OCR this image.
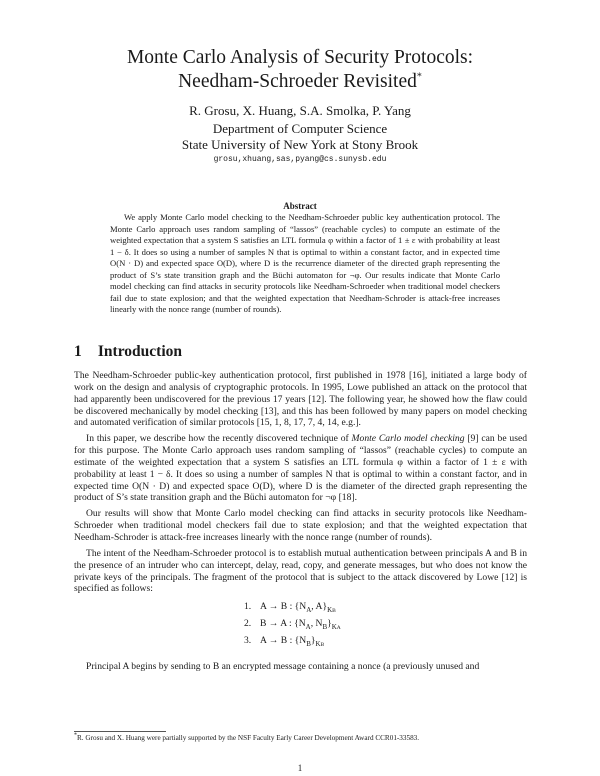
Monte Carlo Analysis of Security Protocols:
Needham-Schroeder Revisited*
R. Grosu, X. Huang, S.A. Smolka, P. Yang
Department of Computer Science
State University of New York at Stony Brook
grosu,xhuang,sas,pyang@cs.sunysb.edu
Abstract
We apply Monte Carlo model checking to the Needham-Schroeder public key authentication protocol. The Monte Carlo approach uses random sampling of “lassos” (reachable cycles) to compute an estimate of the weighted expectation that a system S satisfies an LTL formula φ within a factor of 1 ± ε with probability at least 1 − δ. It does so using a number of samples N that is optimal to within a constant factor, and in expected time O(N · D) and expected space O(D), where D is the recurrence diameter of the directed graph representing the product of S’s state transition graph and the Büchi automaton for ¬φ. Our results indicate that Monte Carlo model checking can find attacks in security protocols like Needham-Schroeder when traditional model checkers fail due to state explosion; and that the weighted expectation that Needham-Schroder is attack-free increases linearly with the nonce range (number of rounds).
1 Introduction

The Needham-Schroeder public-key authentication protocol, first published in 1978 [16], initiated a large body of work on the design and analysis of cryptographic protocols. In 1995, Lowe published an attack on the protocol that had apparently been undiscovered for the previous 17 years [12]. The following year, he showed how the flaw could be discovered mechanically by model checking [13], and this has been followed by many papers on model checking and automated verification of similar protocols [15, 1, 8, 17, 7, 4, 14, e.g.].

In this paper, we describe how the recently discovered technique of Monte Carlo model checking [9] can be used for this purpose. The Monte Carlo approach uses random sampling of “lassos” (reachable cycles) to compute an estimate of the weighted expectation that a system S satisfies an LTL formula φ within a factor of 1 ± ε with probability at least 1 − δ. It does so using a number of samples N that is optimal to within a constant factor, and in expected time O(N · D) and expected space O(D), where D is the diameter of the directed graph representing the product of S’s state transition graph and the Büchi automaton for ¬φ [18].

Our results will show that Monte Carlo model checking can find attacks in security protocols like Needham-Schroeder when traditional model checkers fail due to state explosion; and that the weighted expectation that Needham-Schroder is attack-free increases linearly with the nonce range (number of rounds).

The intent of the Needham-Schroeder protocol is to establish mutual authentication between principals A and B in the presence of an intruder who can intercept, delay, read, copy, and generate messages, but who does not know the private keys of the principals. The fragment of the protocol that is subject to the attack discovered by Lowe [12] is specified as follows:

1. A → B : {$N_A$, $A\}_{KB}$
2. B → A : {$N_A$, $N_B\}_{KA}$
3. A → B : $\{N_B\}_{KB}$

Principal A begins by sending to B an encrypted message containing a nonce (a previously unused and

*R. Grosu and X. Huang were partially supported by the NSF Faculty Early Career Development Award CCR01-33583.
1
